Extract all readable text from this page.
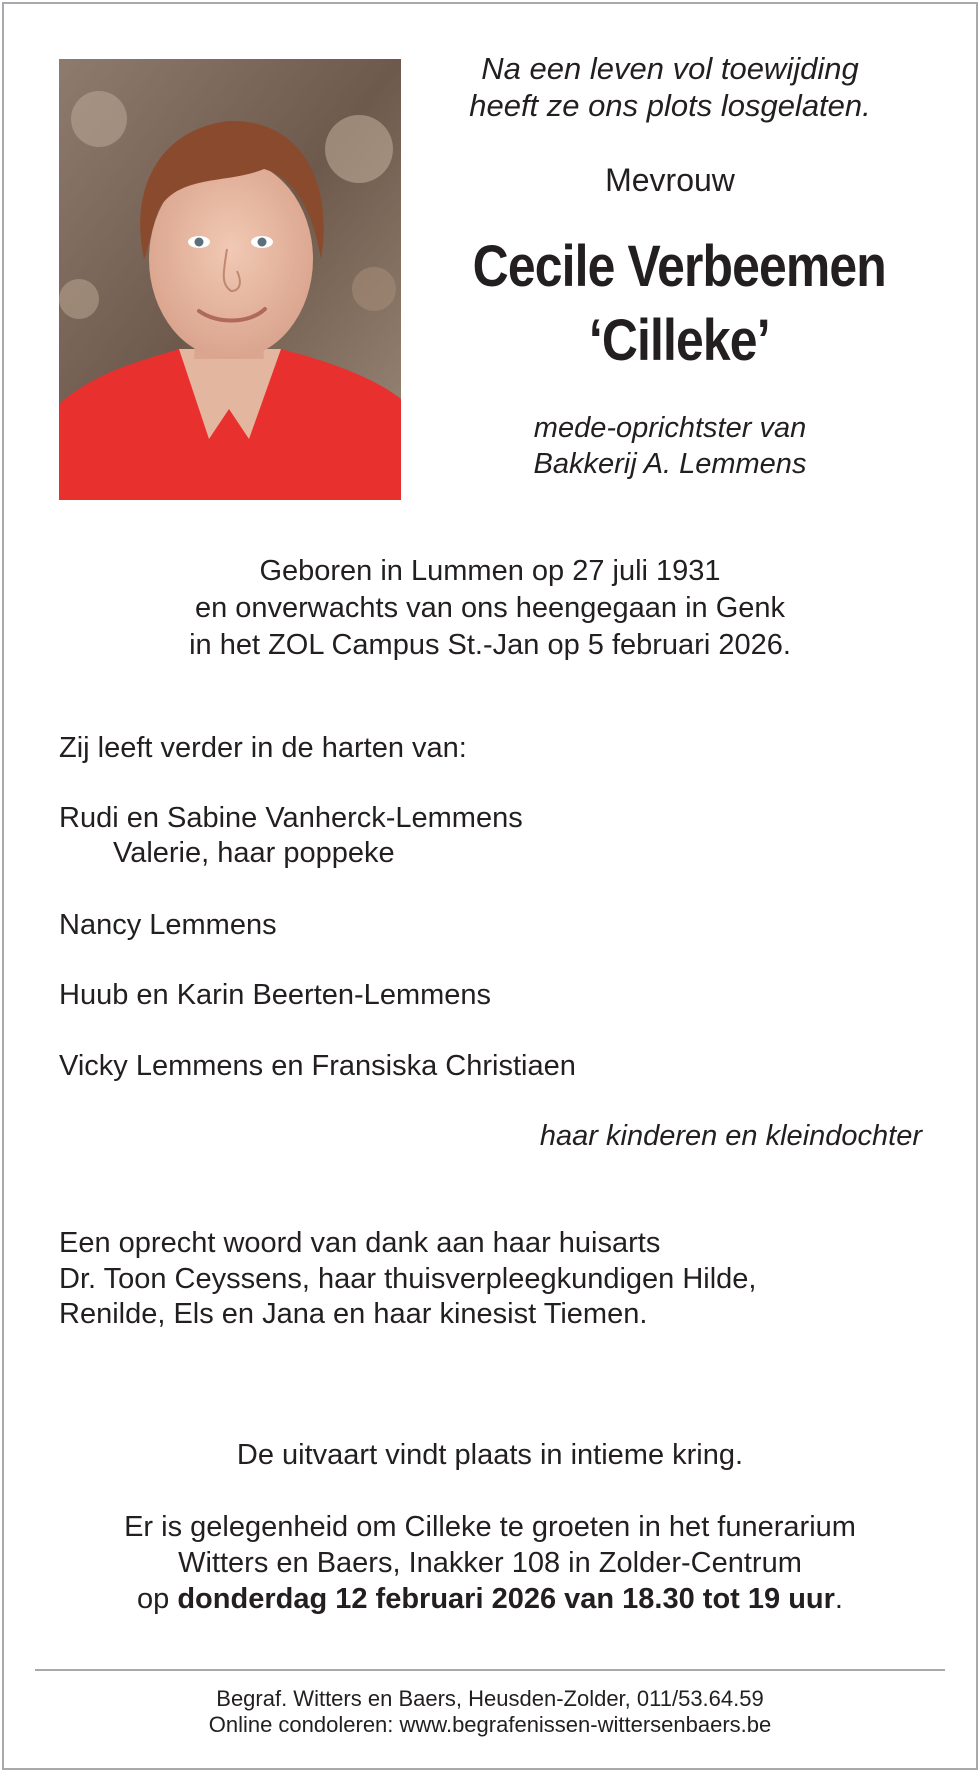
Na een leven vol toewijding
heeft ze ons plots losgelaten.
Mevrouw
Cecile Verbeemen
‘Cilleke’
mede-oprichtster van
Bakkerij A. Lemmens
Geboren in Lummen op 27 juli 1931
en onverwachts van ons heengegaan in Genk
in het ZOL Campus St.-Jan op 5 februari 2026.
Zij leeft verder in de harten van:
Rudi en Sabine Vanherck-Lemmens
Valerie, haar poppeke
Nancy Lemmens
Huub en Karin Beerten-Lemmens
Vicky Lemmens en Fransiska Christiaen
haar kinderen en kleindochter
Een oprecht woord van dank aan haar huisarts
Dr. Toon Ceyssens, haar thuisverpleegkundigen Hilde,
Renilde, Els en Jana en haar kinesist Tiemen.
De uitvaart vindt plaats in intieme kring.
Er is gelegenheid om Cilleke te groeten in het funerarium
Witters en Baers, Inakker 108 in Zolder-Centrum
op donderdag 12 februari 2026 van 18.30 tot 19 uur.
Begraf. Witters en Baers, Heusden-Zolder, 011/53.64.59
Online condoleren: www.begrafenissen-wittersenbaers.be
